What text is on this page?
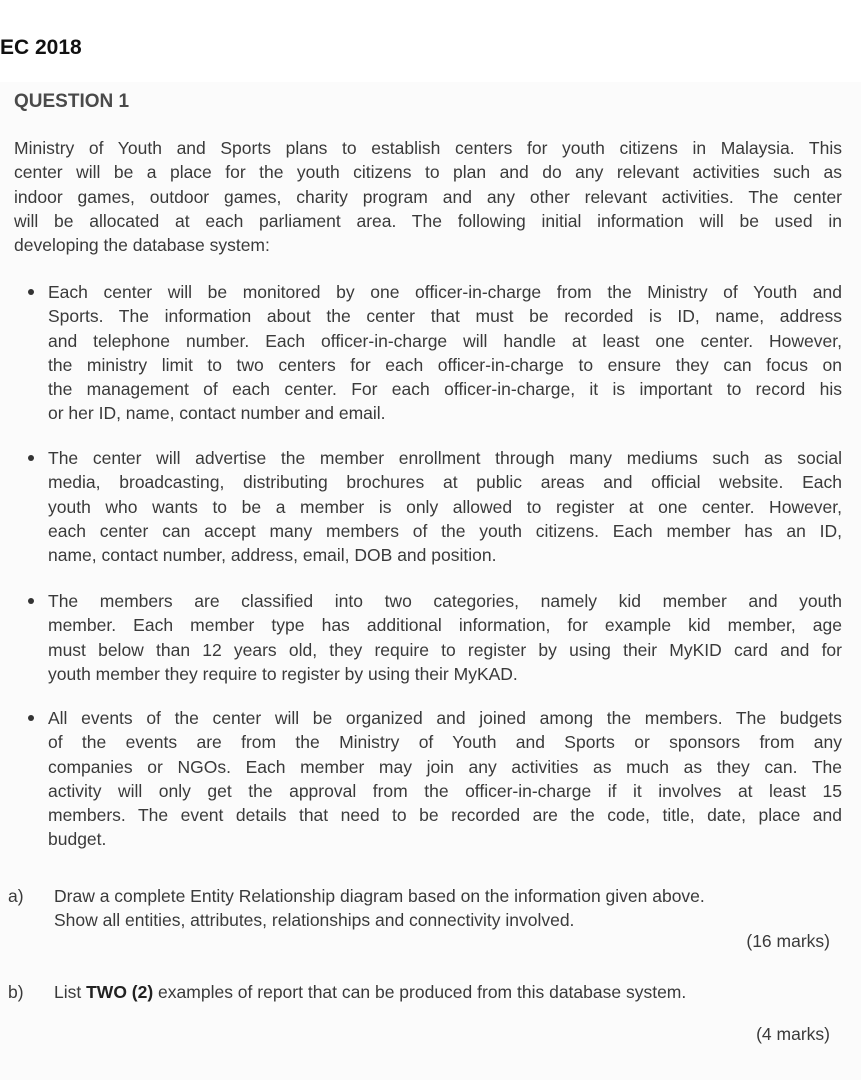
EC 2018
QUESTION 1
Ministry of Youth and Sports plans to establish centers for youth citizens in Malaysia. This
center will be a place for the youth citizens to plan and do any relevant activities such as
indoor games, outdoor games, charity program and any other relevant activities. The center
will be allocated at each parliament area. The following initial information will be used in
developing the database system:
Each center will be monitored by one officer-in-charge from the Ministry of Youth and
Sports. The information about the center that must be recorded is ID, name, address
and telephone number. Each officer-in-charge will handle at least one center. However,
the ministry limit to two centers for each officer-in-charge to ensure they can focus on
the management of each center. For each officer-in-charge, it is important to record his
or her ID, name, contact number and email.
The center will advertise the member enrollment through many mediums such as social
media, broadcasting, distributing brochures at public areas and official website. Each
youth who wants to be a member is only allowed to register at one center. However,
each center can accept many members of the youth citizens. Each member has an ID,
name, contact number, address, email, DOB and position.
The members are classified into two categories, namely kid member and youth
member. Each member type has additional information, for example kid member, age
must below than 12 years old, they require to register by using their MyKID card and for
youth member they require to register by using their MyKAD.
All events of the center will be organized and joined among the members. The budgets
of the events are from the Ministry of Youth and Sports or sponsors from any
companies or NGOs. Each member may join any activities as much as they can. The
activity will only get the approval from the officer-in-charge if it involves at least 15
members. The event details that need to be recorded are the code, title, date, place and
budget.
a) Draw a complete Entity Relationship diagram based on the information given above.
Show all entities, attributes, relationships and connectivity involved.
(16 marks)
b) List TWO (2) examples of report that can be produced from this database system.
(4 marks)
